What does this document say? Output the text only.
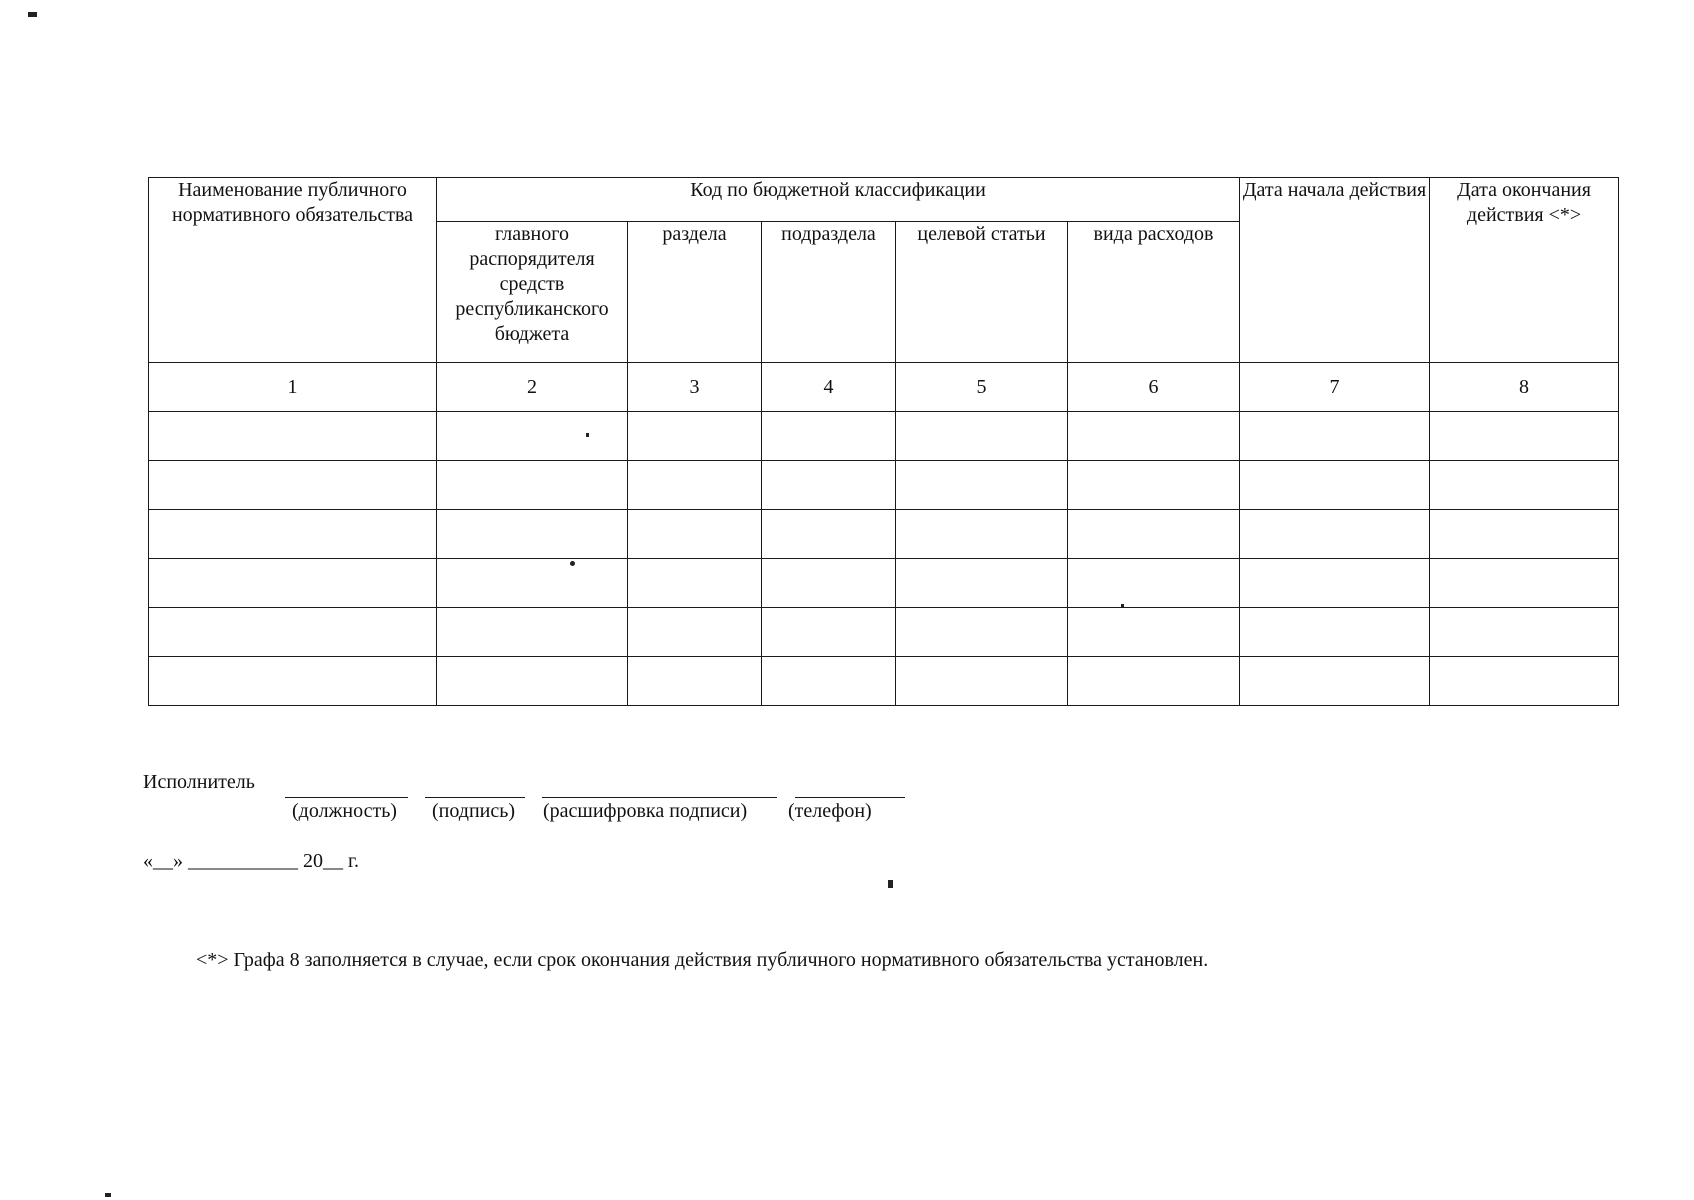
Наименование публичного нормативного обязательства	Код по бюджетной классификации					Дата начала действия	Дата окончания действия <*>
	главного распорядителя средств республиканского бюджета	раздела	подраздела	целевой статьи	вида расходов		
1	2	3	4	5	6	7	8

Исполнитель
(должность) (подпись) (расшифровка подписи) (телефон)
«__» ___________ 20__ г.
<*> Графа 8 заполняется в случае, если срок окончания действия публичного нормативного обязательства установлен.
